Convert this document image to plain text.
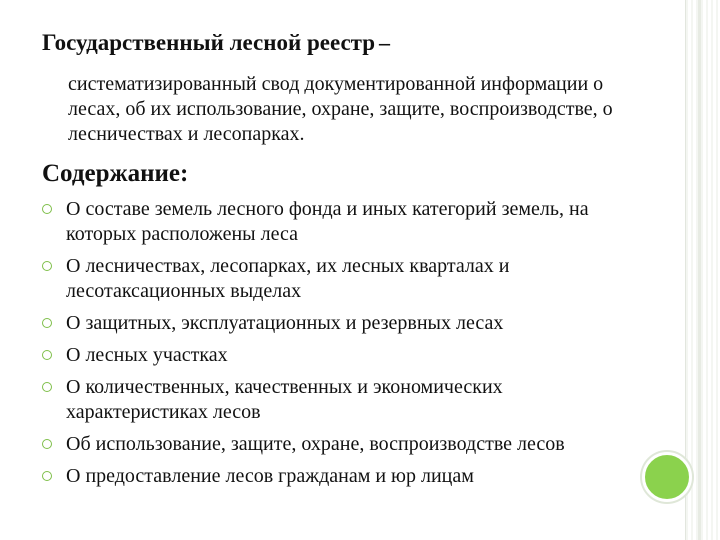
Государственный лесной реестр –
систематизированный свод документированной информации о лесах, об их использование, охране, защите, воспроизводстве, о лесничествах и лесопарках.
Содержание:
О составе земель лесного фонда и иных категорий земель, на которых расположены леса
О лесничествах, лесопарках, их лесных кварталах и лесотаксационных выделах
О защитных, эксплуатационных и резервных лесах
О лесных участках
О количественных, качественных и экономических характеристиках лесов
Об использование, защите, охране, воспроизводстве лесов
О предоставление лесов гражданам и юр лицам
